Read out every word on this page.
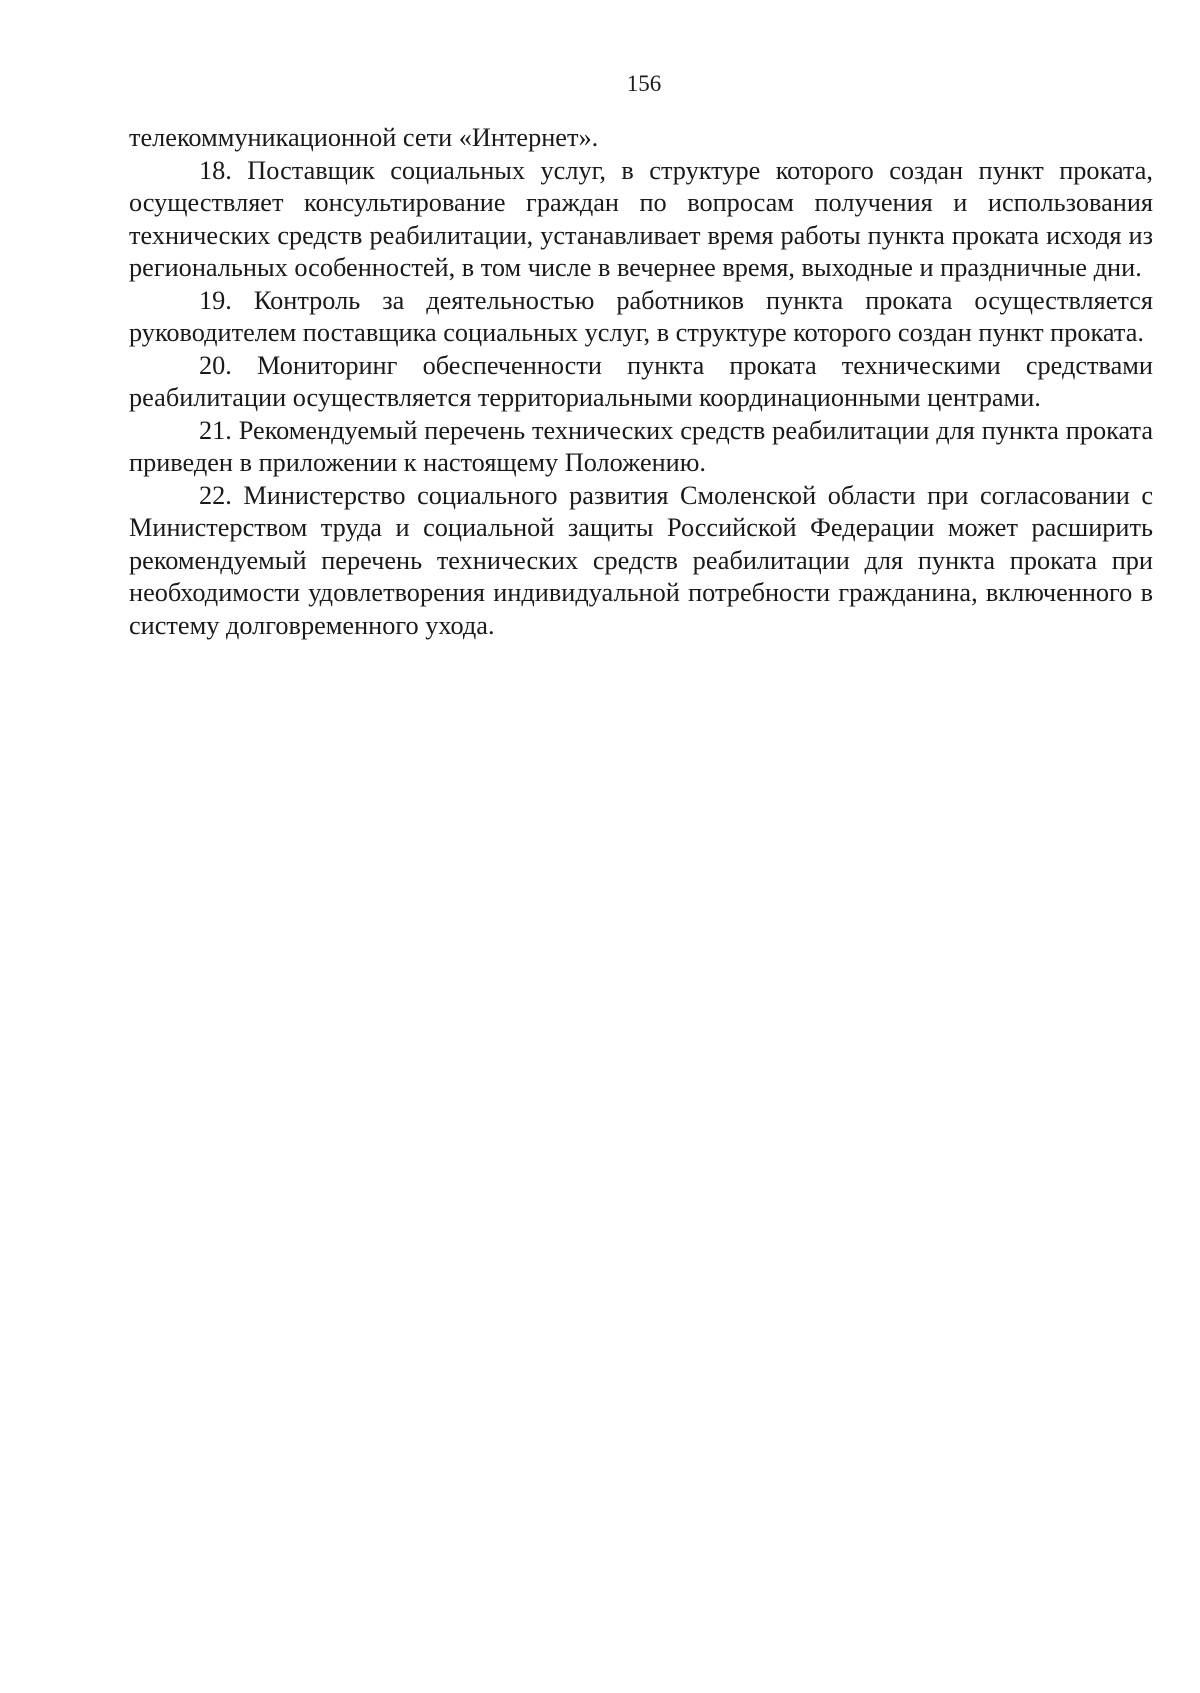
156

телекоммуникационной сети «Интернет».

18. Поставщик социальных услуг, в структуре которого создан пункт проката, осуществляет консультирование граждан по вопросам получения и использования технических средств реабилитации, устанавливает время работы пункта проката исходя из региональных особенностей, в том числе в вечернее время, выходные и праздничные дни.

19. Контроль за деятельностью работников пункта проката осуществляется руководителем поставщика социальных услуг, в структуре которого создан пункт проката.

20. Мониторинг обеспеченности пункта проката техническими средствами реабилитации осуществляется территориальными координационными центрами.

21. Рекомендуемый перечень технических средств реабилитации для пункта проката приведен в приложении к настоящему Положению.

22. Министерство социального развития Смоленской области при согласовании с Министерством труда и социальной защиты Российской Федерации может расширить рекомендуемый перечень технических средств реабилитации для пункта проката при необходимости удовлетворения индивидуальной потребности гражданина, включенного в систему долговременного ухода.
